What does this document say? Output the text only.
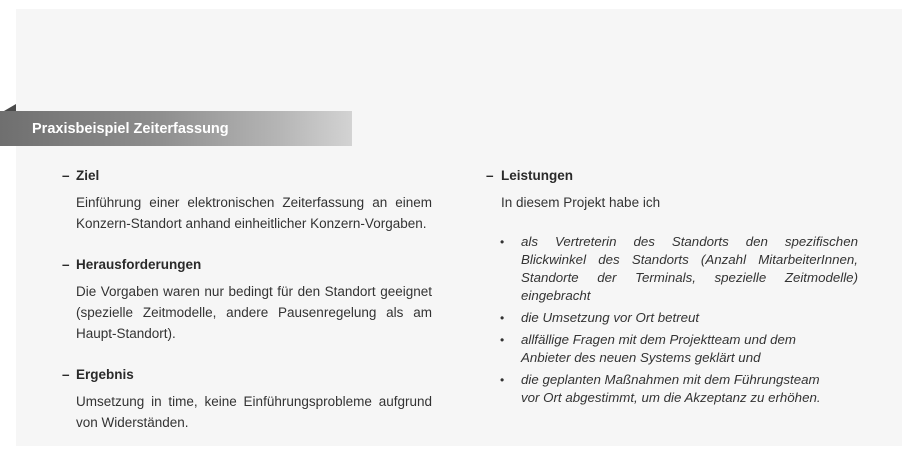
Praxisbeispiel Zeiterfassung
– Ziel
Einführung einer elektronischen Zeiterfassung an einem Konzern-Standort anhand einheitlicher Konzern-Vorgaben.
– Herausforderungen
Die Vorgaben waren nur bedingt für den Standort geeignet (spezielle Zeitmodelle, andere Pausenregelung als am Haupt-Standort).
– Ergebnis
Umsetzung in time, keine Einführungsprobleme aufgrund von Widerständen.
– Leistungen
In diesem Projekt habe ich
• als Vertreterin des Standorts den spezifischen Blickwinkel des Standorts (Anzahl MitarbeiterInnen, Standorte der Terminals, spezielle Zeitmodelle) eingebracht
• die Umsetzung vor Ort betreut
• allfällige Fragen mit dem Projektteam und dem Anbieter des neuen Systems geklärt und
• die geplanten Maßnahmen mit dem Führungsteam vor Ort abgestimmt, um die Akzeptanz zu erhöhen.
